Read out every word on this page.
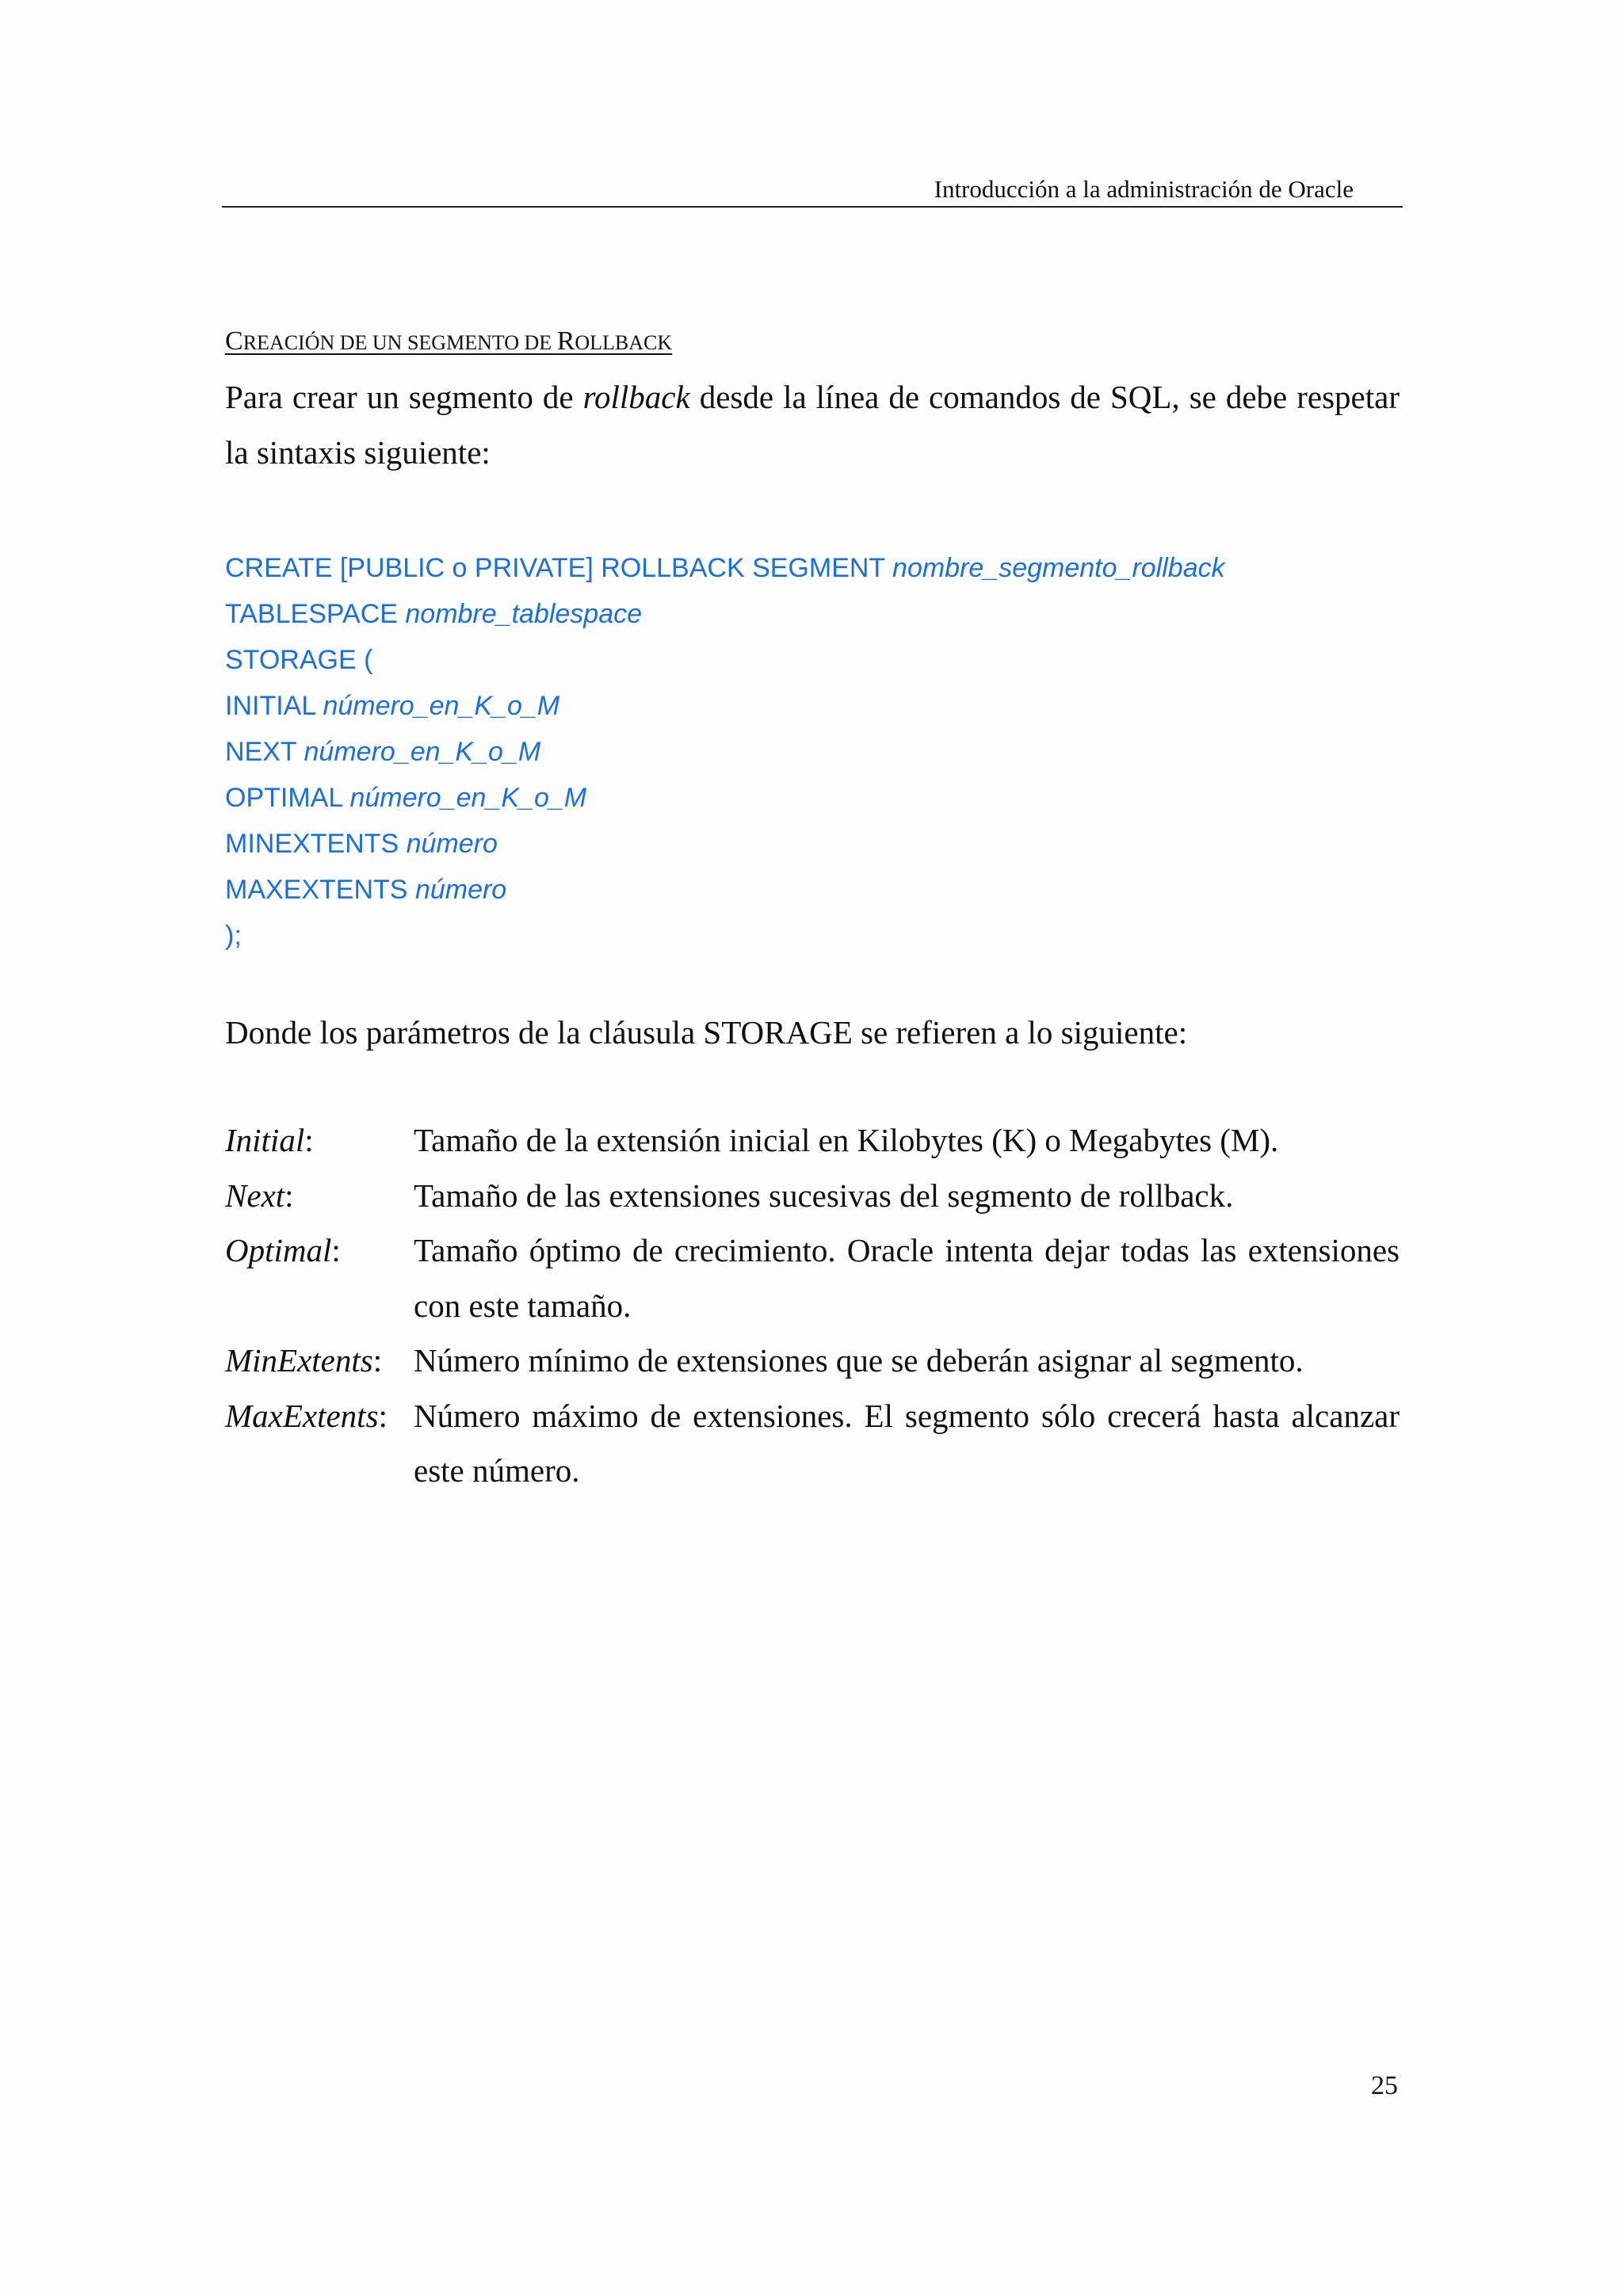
Introducción a la administración de Oracle
CREACIÓN DE UN SEGMENTO DE ROLLBACK
Para crear un segmento de rollback desde la línea de comandos de SQL, se debe respetar la sintaxis siguiente:
CREATE [PUBLIC o PRIVATE] ROLLBACK SEGMENT nombre_segmento_rollback
TABLESPACE nombre_tablespace
STORAGE (
INITIAL número_en_K_o_M
NEXT número_en_K_o_M
OPTIMAL número_en_K_o_M
MINEXTENTS número
MAXEXTENTS número
);
Donde los parámetros de la cláusula STORAGE se refieren a lo siguiente:
Initial:	Tamaño de la extensión inicial en Kilobytes (K) o Megabytes (M).
Next:	Tamaño de las extensiones sucesivas del segmento de rollback.
Optimal:	Tamaño óptimo de crecimiento. Oracle intenta dejar todas las extensiones con este tamaño.
MinExtents: Número mínimo de extensiones que se deberán asignar al segmento.
MaxExtents: Número máximo de extensiones. El segmento sólo crecerá hasta alcanzar este número.
25
